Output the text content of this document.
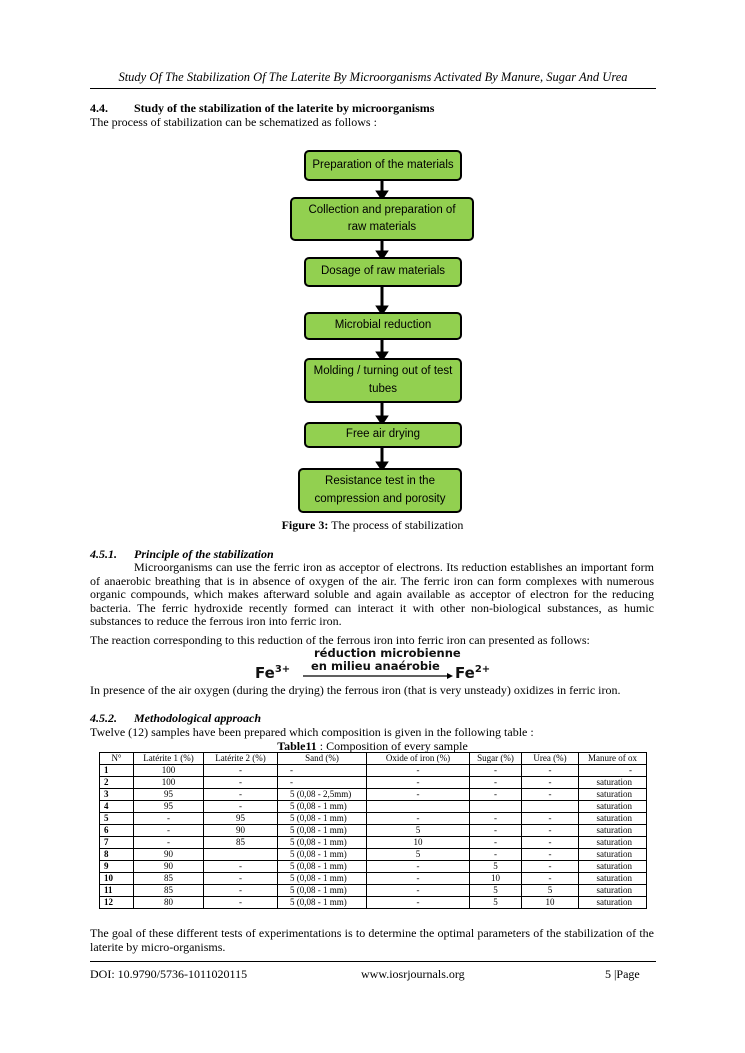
Study Of The Stabilization Of The Laterite By Microorganisms Activated By Manure, Sugar And Urea
4.4. Study of the stabilization of the laterite by microorganisms
The process of stabilization can be schematized as follows :
Preparation of the materials
Collection and preparation of raw materials
Dosage of raw materials
Microbial reduction
Molding / turning out of test tubes
Free air drying
Resistance test in the compression and porosity
Figure 3: The process of stabilization
4.5.1. Principle of the stabilization
Microorganisms can use the ferric iron as acceptor of electrons. Its reduction establishes an important form of anaerobic breathing that is in absence of oxygen of the air. The ferric iron can form complexes with numerous organic compounds, which makes afterward soluble and again available as acceptor of electron for the reducing bacteria. The ferric hydroxide recently formed can interact it with other non-biological substances, as humic substances to reduce the ferrous iron into ferric iron.
The reaction corresponding to this reduction of the ferrous iron into ferric iron can presented as follows:
réduction microbienne
en milieu anaérobie
$Fe^{3+}$	$Fe^{2+}$
In presence of the air oxygen (during the drying) the ferrous iron (that is very unsteady) oxidizes in ferric iron.
4.5.2. Methodological approach
Twelve (12) samples have been prepared which composition is given in the following table :
Table11 : Composition of every sample
N°	Latérite 1 (%)	Latérite 2 (%)	Sand (%)	Oxide of iron (%)	Sugar (%)	Urea (%)	Manure of ox
1	100	-	-	-	-	-	-
2	100	-	-	-	-	-	saturation
3	95	-	5 (0,08 - 2,5mm)	-	-	-	saturation
4	95	-	5 (0,08 - 1 mm)				saturation
5	-	95	5 (0,08 - 1 mm)	-	-	-	saturation
6	-	90	5 (0,08 - 1 mm)	5	-	-	saturation
7	-	85	5 (0,08 - 1 mm)	10	-	-	saturation
8	90		5 (0,08 - 1 mm)	5	-	-	saturation
9	90	-	5 (0,08 - 1 mm)	-	5	-	saturation
10	85	-	5 (0,08 - 1 mm)	-	10	-	saturation
11	85	-	5 (0,08 - 1 mm)	-	5	5	saturation
12	80	-	5 (0,08 - 1 mm)	-	5	10	saturation
The goal of these different tests of experimentations is to determine the optimal parameters of the stabilization of the laterite by micro-organisms.
DOI: 10.9790/5736-1011020115	www.iosrjournals.org	5 |Page
